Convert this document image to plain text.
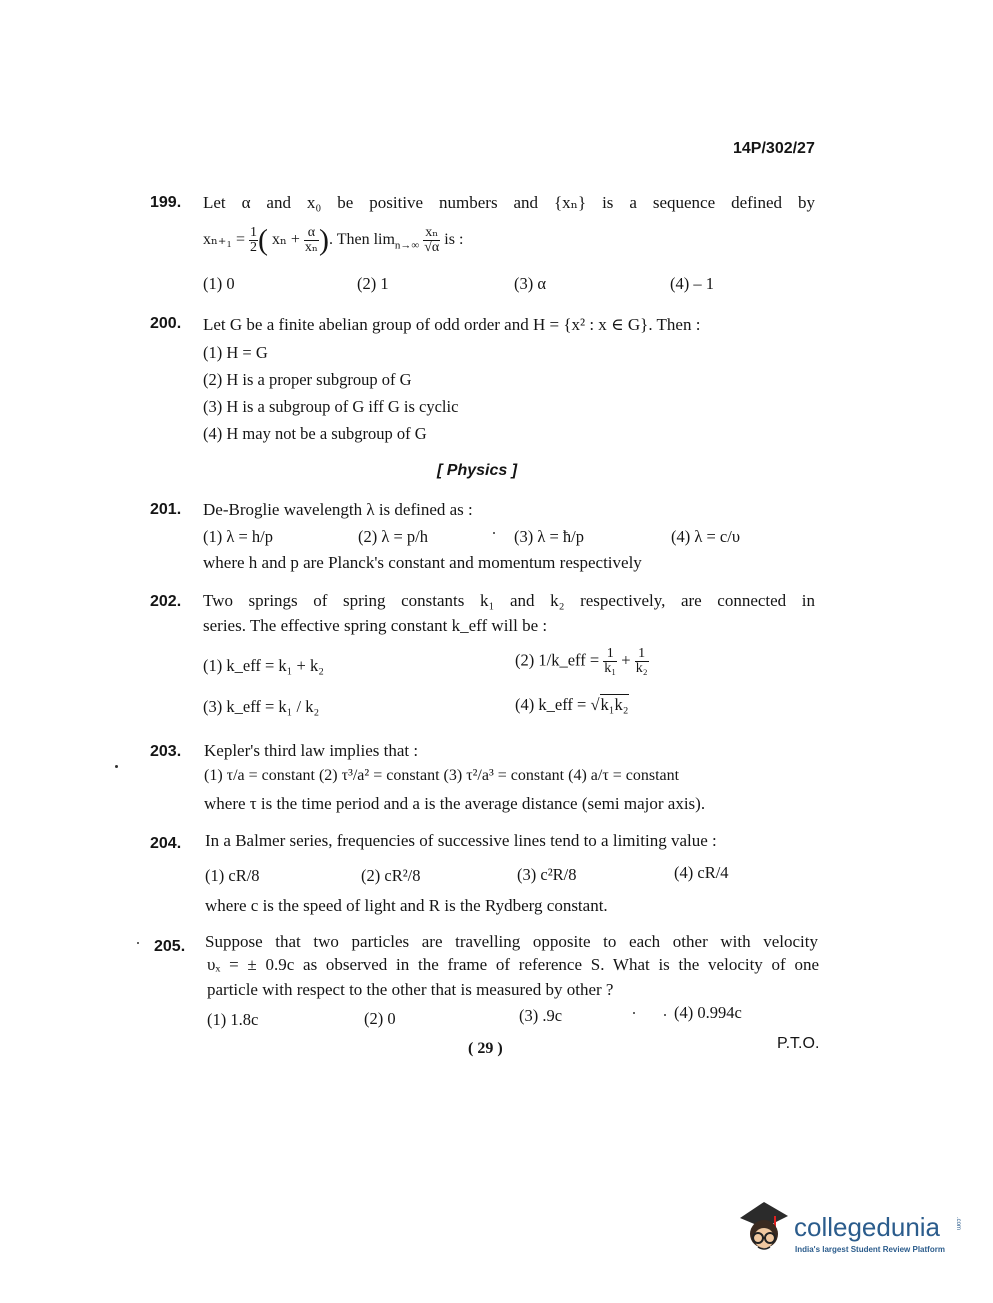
14P/302/27
199. Let α and x₀ be positive numbers and {xₙ} is a sequence defined by
$x_{n+1} = \frac{1}{2}$ ( $x_n + \frac{\alpha}{\text{xₙ}}$ ). Then $\lim_{n\to\infty} \frac{\text{xₙ}}{√\alpha}$ is :
(1) 0	(2) 1	(3) α	(4) – 1
200. Let G be a finite abelian group of odd order and H = {x² : x ∈ G}. Then :
(1) H = G
(2) H is a proper subgroup of G
(3) H is a subgroup of G iff G is cyclic
(4) H may not be a subgroup of G
[ Physics ]
201. De-Broglie wavelength λ is defined as :
(1) λ = h/p	(2) λ = p/h	(3) λ = ħ/p	(4) λ = c/υ
where h and p are Planck's constant and momentum respectively
202. Two springs of spring constants k₁ and k₂ respectively, are connected in
series. The effective spring constant k_eff will be :
(1) k_eff = k₁ + k₂	(2) 1/k_eff = $\frac{1}{\text{k₁}} + \frac{1}{\text{k₂}}$
(3) k_eff = k₁ / k₂	(4) k_eff = √k₁k₂
203. Kepler's third law implies that :
(1) τ/a = constant (2) τ³/a² = constant (3) τ²/a³ = constant (4) a/τ = constant
where τ is the time period and a is the average distance (semi major axis).
204. In a Balmer series, frequencies of successive lines tend to a limiting value :
(1) cR/8	(2) cR²/8	(3) c²R/8	(4) cR/4
where c is the speed of light and R is the Rydberg constant.
205. Suppose that two particles are travelling opposite to each other with velocity
υₓ = ± 0.9c as observed in the frame of reference S. What is the velocity of one
particle with respect to the other that is measured by other ?
(1) 1.8c	(2) 0	(3) .9c	(4) 0.994c
( 29 )	P.T.O.
collegedunia .com
India's largest Student Review Platform
